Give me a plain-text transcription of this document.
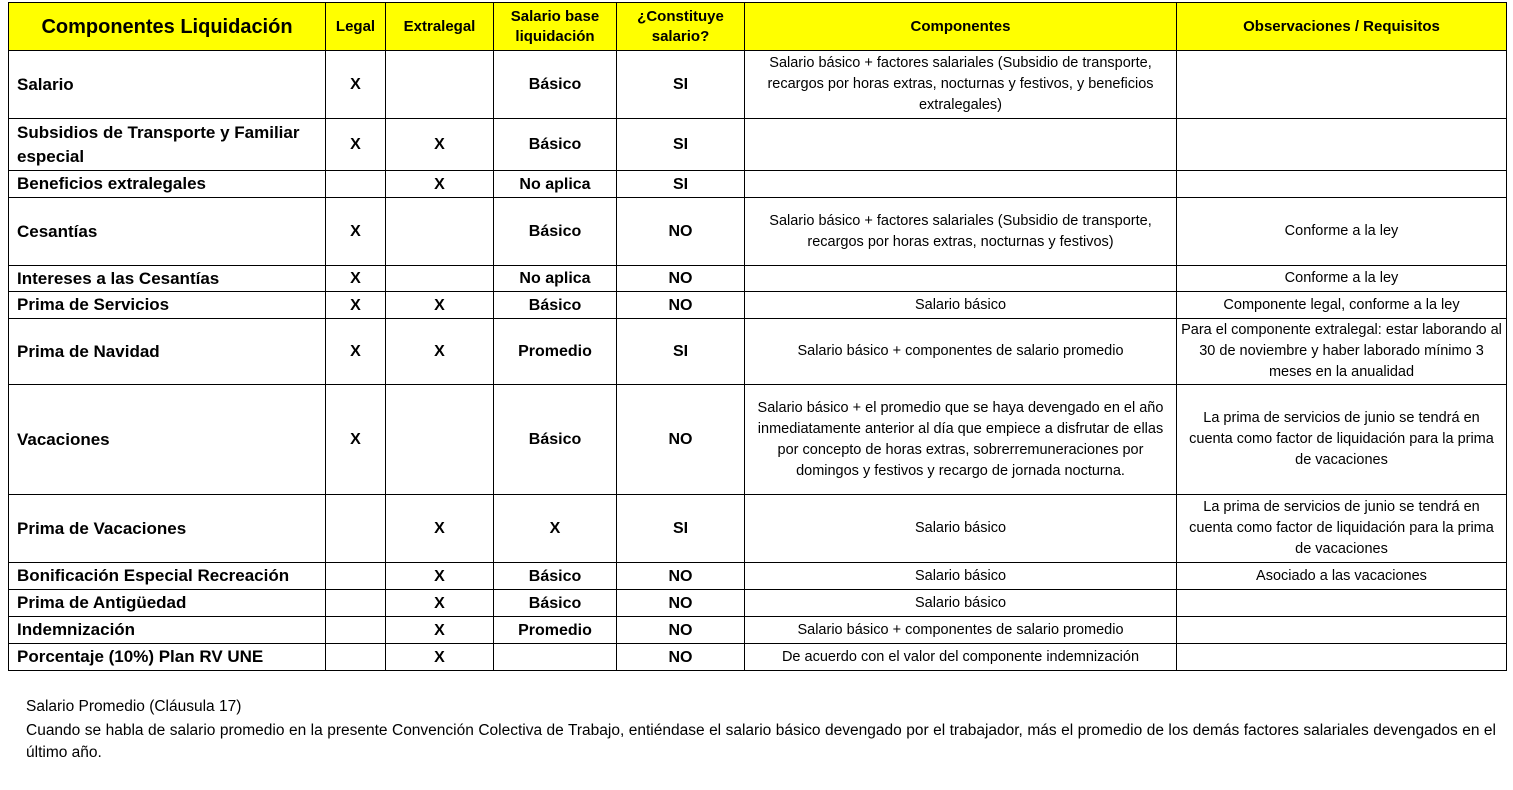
Componentes Liquidación	Legal	Extralegal	Salario base liquidación	¿Constituye salario?	Componentes	Observaciones / Requisitos
Salario	X		Básico	SI	Salario básico + factores salariales (Subsidio de transporte, recargos por horas extras, nocturnas y festivos, y beneficios extralegales)	
Subsidios de Transporte y Familiar especial	X	X	Básico	SI		
Beneficios extralegales		X	No aplica	SI		
Cesantías	X		Básico	NO	Salario básico + factores salariales (Subsidio de transporte, recargos por horas extras, nocturnas y festivos)	Conforme a la ley
Intereses a las Cesantías	X		No aplica	NO		Conforme a la ley
Prima de Servicios	X	X	Básico	NO	Salario básico	Componente legal, conforme a la ley
Prima de Navidad	X	X	Promedio	SI	Salario básico + componentes de salario promedio	Para el componente extralegal: estar laborando al 30 de noviembre y haber laborado mínimo 3 meses en la anualidad
Vacaciones	X		Básico	NO	Salario básico + el promedio que se haya devengado en el año inmediatamente anterior al día que empiece a disfrutar de ellas por concepto de horas extras, sobrerremuneraciones por domingos y festivos y recargo de jornada nocturna.	La prima de servicios de junio se tendrá en cuenta como factor de liquidación para la prima de vacaciones
Prima de Vacaciones		X	X	SI	Salario básico	La prima de servicios de junio se tendrá en cuenta como factor de liquidación para la prima de vacaciones
Bonificación Especial Recreación		X	Básico	NO	Salario básico	Asociado a las vacaciones
Prima de Antigüedad		X	Básico	NO	Salario básico	
Indemnización		X	Promedio	NO	Salario básico + componentes de salario promedio	
Porcentaje (10%) Plan RV UNE		X		NO	De acuerdo con el valor del componente indemnización	

Salario Promedio (Cláusula 17)

Cuando se habla de salario promedio en la presente Convención Colectiva de Trabajo, entiéndase el salario básico devengado por el trabajador, más el promedio de los demás factores salariales devengados en el último año.
